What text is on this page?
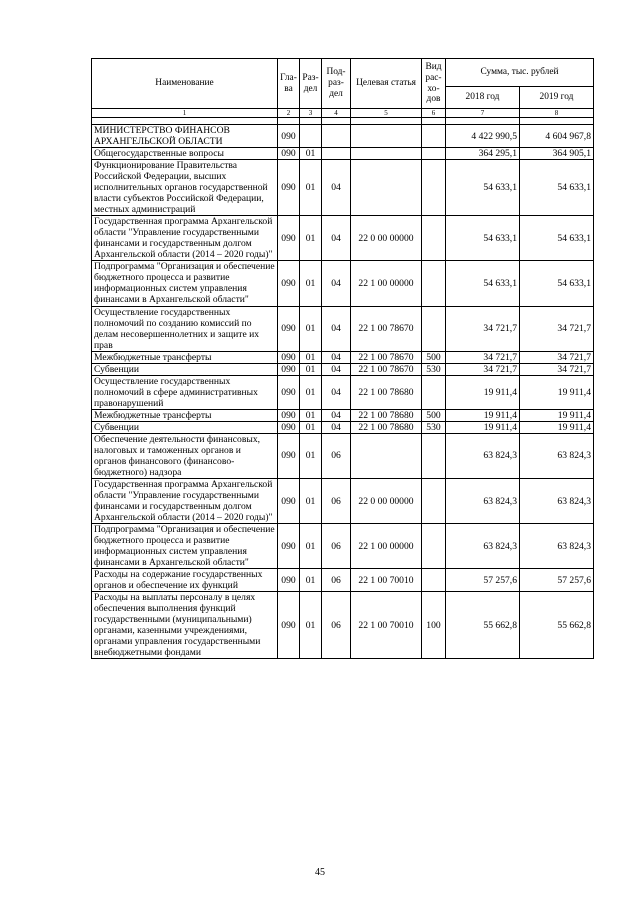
Наименование	Гла- ва	Раз- дел	Под- раз- дел	Целевая статья	Вид рас- хо- дов	Сумма, тыс. рублей	
						2018 год	2019 год
1	2	3	4	5	6	7	8

МИНИСТЕРСТВО ФИНАНСОВ АРХАНГЕЛЬСКОЙ ОБЛАСТИ	090					4 422 990,5	4 604 967,8
Общегосударственные вопросы	090	01				364 295,1	364 905,1
Функционирование Правительства Российской Федерации, высших исполнительных органов государственной власти субъектов Российской Федерации, местных администраций	090	01	04			54 633,1	54 633,1
Государственная программа Архангельской области "Управление государственными финансами и государственным долгом Архангельской области (2014 – 2020 годы)"	090	01	04	22 0 00 00000		54 633,1	54 633,1
Подпрограмма "Организация и обеспечение бюджетного процесса и развитие информационных систем управления финансами в Архангельской области"	090	01	04	22 1 00 00000		54 633,1	54 633,1
Осуществление государственных полномочий по созданию комиссий по делам несовершеннолетних и защите их прав	090	01	04	22 1 00 78670		34 721,7	34 721,7
Межбюджетные трансферты	090	01	04	22 1 00 78670	500	34 721,7	34 721,7
Субвенции	090	01	04	22 1 00 78670	530	34 721,7	34 721,7
Осуществление государственных полномочий в сфере административных правонарушений	090	01	04	22 1 00 78680		19 911,4	19 911,4
Межбюджетные трансферты	090	01	04	22 1 00 78680	500	19 911,4	19 911,4
Субвенции	090	01	04	22 1 00 78680	530	19 911,4	19 911,4
Обеспечение деятельности финансовых, налоговых и таможенных органов и органов финансового (финансово-бюджетного) надзора	090	01	06			63 824,3	63 824,3
Государственная программа Архангельской области "Управление государственными финансами и государственным долгом Архангельской области (2014 – 2020 годы)"	090	01	06	22 0 00 00000		63 824,3	63 824,3
Подпрограмма "Организация и обеспечение бюджетного процесса и развитие информационных систем управления финансами в Архангельской области"	090	01	06	22 1 00 00000		63 824,3	63 824,3
Расходы на содержание государственных органов и обеспечение их функций	090	01	06	22 1 00 70010		57 257,6	57 257,6
Расходы на выплаты персоналу в целях обеспечения выполнения функций государственными (муниципальными) органами, казенными учреждениями, органами управления государственными внебюджетными фондами	090	01	06	22 1 00 70010	100	55 662,8	55 662,8
45
